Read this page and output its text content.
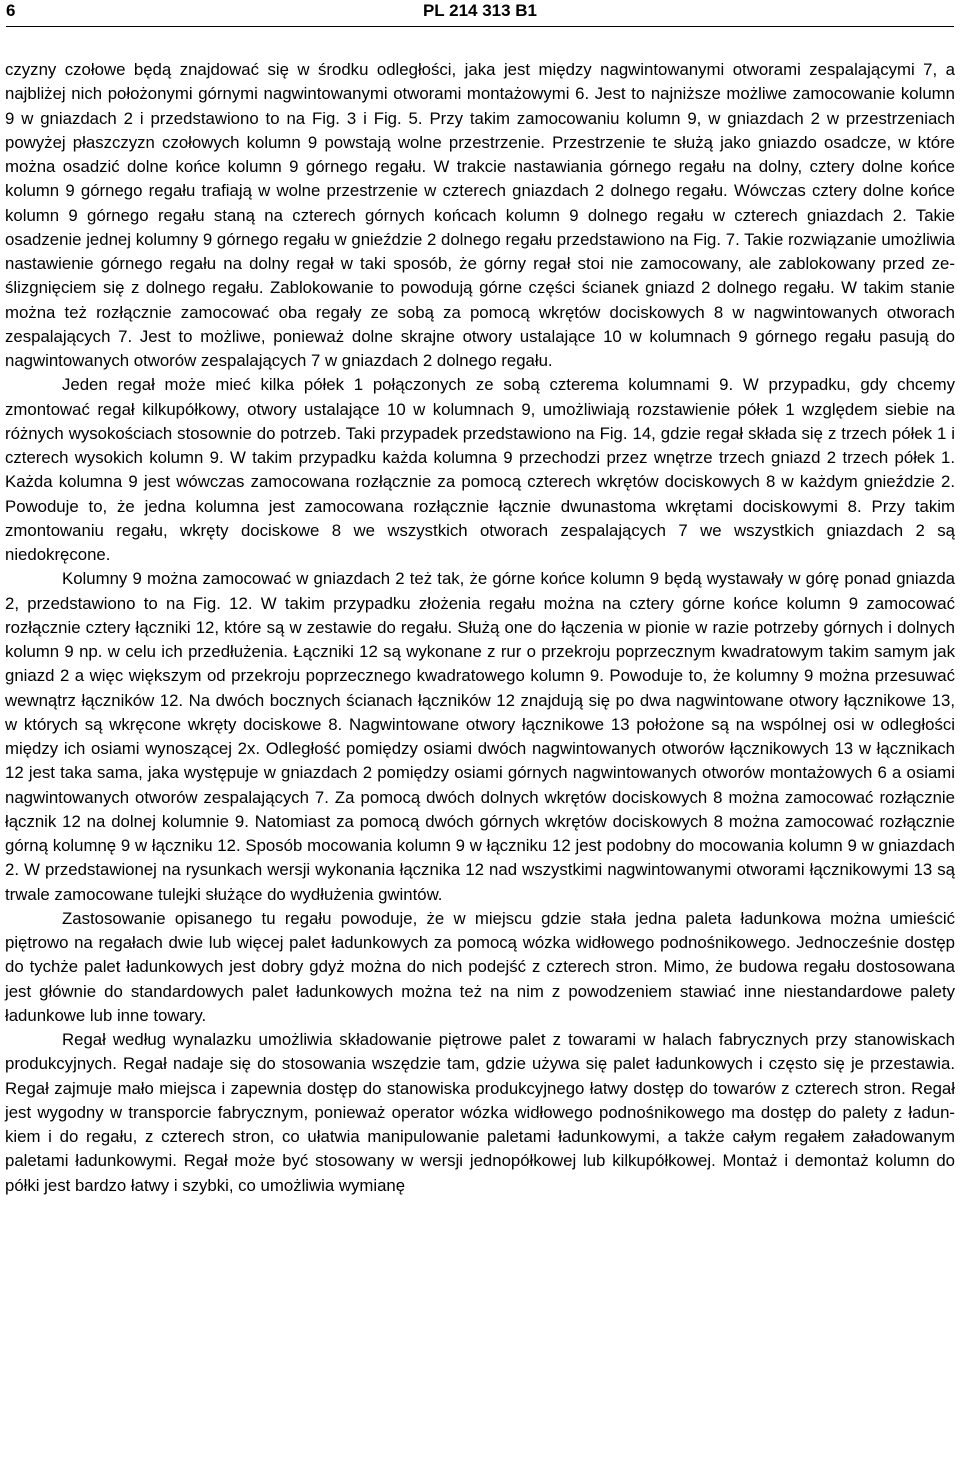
6	PL 214 313 B1

czyzny czołowe będą znajdować się w środku odległości, jaka jest między nagwintowanymi otworami zespalającymi 7, a najbliżej nich położonymi górnymi nagwintowanymi otworami montażowymi 6. Jest to najniższe możliwe zamocowanie kolumn 9 w gniazdach 2 i przedstawiono to na Fig. 3 i Fig. 5. Przy takim zamocowaniu kolumn 9, w gniazdach 2 w przestrzeniach powyżej płaszczyzn czołowych kolumn 9 powstają wolne przestrzenie. Przestrzenie te służą jako gniazdo osadcze, w które można osadzić dolne końce kolumn 9 górnego regału. W trakcie nastawiania górnego regału na dolny, cztery dolne końce kolumn 9 górnego regału trafiają w wolne przestrzenie w czterech gniazdach 2 dolnego regału. Wówczas cztery dolne końce kolumn 9 górnego regału staną na czterech górnych końcach kolumn 9 dolnego regału w czterech gniazdach 2. Takie osadzenie jednej kolumny 9 górnego regału w gnieździe 2 dolnego regału przedstawiono na Fig. 7. Takie rozwiązanie umożliwia nastawienie górnego regału na dolny regał w taki sposób, że górny regał stoi nie zamocowany, ale zablokowany przed ześlizgnięciem się z dolnego regału. Zablokowanie to powodują górne części ścianek gniazd 2 dolnego regału. W takim stanie można też rozłącznie zamocować oba regały ze sobą za pomocą wkrętów dociskowych 8 w nagwintowanych otworach zespalających 7. Jest to możliwe, ponieważ dolne skrajne otwory ustalające 10 w kolumnach 9 górnego regału pasują do nagwintowanych otworów zespalających 7 w gniazdach 2 dolnego regału.

Jeden regał może mieć kilka półek 1 połączonych ze sobą czterema kolumnami 9. W przypadku, gdy chcemy zmontować regał kilkupółkowy, otwory ustalające 10 w kolumnach 9, umożliwiają rozstawienie półek 1 względem siebie na różnych wysokościach stosownie do potrzeb. Taki przypadek przedstawiono na Fig. 14, gdzie regał składa się z trzech półek 1 i czterech wysokich kolumn 9. W takim przypadku każda kolumna 9 przechodzi przez wnętrze trzech gniazd 2 trzech półek 1. Każda kolumna 9 jest wówczas zamocowana rozłącznie za pomocą czterech wkrętów dociskowych 8 w każdym gnieździe 2. Powoduje to, że jedna kolumna jest zamocowana rozłącznie łącznie dwunastoma wkrętami dociskowymi 8. Przy takim zmontowaniu regału, wkręty dociskowe 8 we wszystkich otworach zespalających 7 we wszystkich gniazdach 2 są niedokręcone.

Kolumny 9 można zamocować w gniazdach 2 też tak, że górne końce kolumn 9 będą wystawały w górę ponad gniazda 2, przedstawiono to na Fig. 12. W takim przypadku złożenia regału można na cztery górne końce kolumn 9 zamocować rozłącznie cztery łączniki 12, które są w zestawie do regału. Służą one do łączenia w pionie w razie potrzeby górnych i dolnych kolumn 9 np. w celu ich przedłużenia. Łączniki 12 są wykonane z rur o przekroju poprzecznym kwadratowym takim samym jak gniazd 2 a więc większym od przekroju poprzecznego kwadratowego kolumn 9. Powoduje to, że kolumny 9 można przesuwać wewnątrz łączników 12. Na dwóch bocznych ścianach łączników 12 znajdują się po dwa nagwintowane otwory łącznikowe 13, w których są wkręcone wkręty dociskowe 8. Nagwintowane otwory łącznikowe 13 położone są na wspólnej osi w odległości między ich osiami wynoszącej 2x. Odległość pomiędzy osiami dwóch nagwintowanych otworów łącznikowych 13 w łącznikach 12 jest taka sama, jaka występuje w gniazdach 2 pomiędzy osiami górnych nagwintowanych otworów montażowych 6 a osiami nagwintowanych otworów zespalających 7. Za pomocą dwóch dolnych wkrętów dociskowych 8 można zamocować rozłącznie łącznik 12 na dolnej kolumnie 9. Natomiast za pomocą dwóch górnych wkrętów dociskowych 8 można zamocować rozłącznie górną kolumnę 9 w łączniku 12. Sposób mocowania kolumn 9 w łączniku 12 jest podobny do mocowania kolumn 9 w gniazdach 2. W przedstawionej na rysunkach wersji wykonania łącznika 12 nad wszystkimi nagwintowanymi otworami łącznikowymi 13 są trwale zamocowane tulejki służące do wydłużenia gwintów.

Zastosowanie opisanego tu regału powoduje, że w miejscu gdzie stała jedna paleta ładunkowa można umieścić piętrowo na regałach dwie lub więcej palet ładunkowych za pomocą wózka widłowego podnośnikowego. Jednocześnie dostęp do tychże palet ładunkowych jest dobry gdyż można do nich podejść z czterech stron. Mimo, że budowa regału dostosowana jest głównie do standardowych palet ładunkowych można też na nim z powodzeniem stawiać inne niestandardowe palety ładunkowe lub inne towary.

Regał według wynalazku umożliwia składowanie piętrowe palet z towarami w halach fabrycznych przy stanowiskach produkcyjnych. Regał nadaje się do stosowania wszędzie tam, gdzie używa się palet ładunkowych i często się je przestawia. Regał zajmuje mało miejsca i zapewnia dostęp do stanowiska produkcyjnego łatwy dostęp do towarów z czterech stron. Regał jest wygodny w transporcie fabrycznym, ponieważ operator wózka widłowego podnośnikowego ma dostęp do palety z ładunkiem i do regału, z czterech stron, co ułatwia manipulowanie paletami ładunkowymi, a także całym regałem załadowanym paletami ładunkowymi. Regał może być stosowany w wersji jednopółkowej lub kilkupółkowej. Montaż i demontaż kolumn do półki jest bardzo łatwy i szybki, co umożliwia wymianę
